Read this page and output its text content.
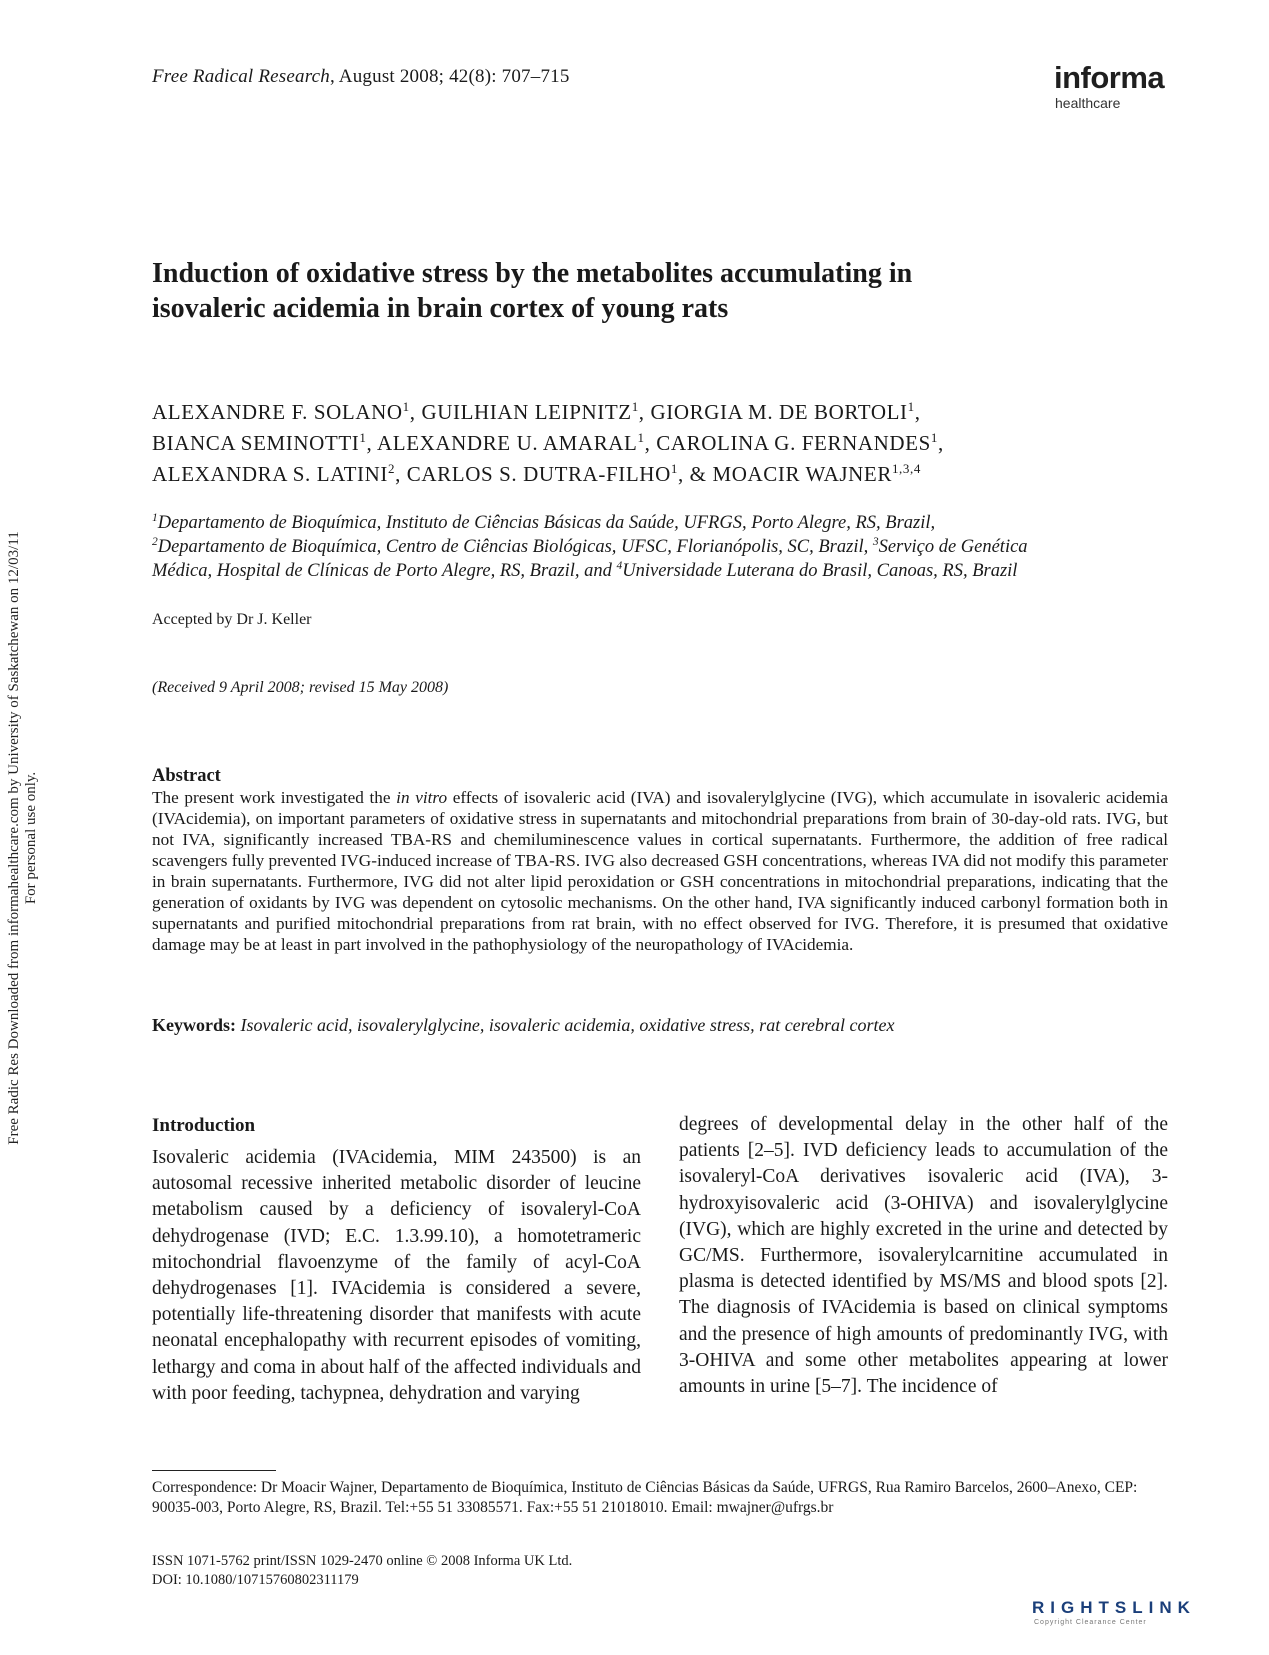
Free Radical Research, August 2008; 42(8): 707–715	informa
healthcare
Induction of oxidative stress by the metabolites accumulating in
isovaleric acidemia in brain cortex of young rats
ALEXANDRE F. SOLANO$^1$, GUILHIAN LEIPNITZ$^1$, GIORGIA M. DE BORTOLI$^1$,
BIANCA SEMINOTTI$^1$, ALEXANDRE U. AMARAL$^1$, CAROLINA G. FERNANDES$^1$,
ALEXANDRA S. LATINI$^2$, CARLOS S. DUTRA-FILHO$^1$, & MOACIR WAJNER$^{1,3,4}$
$^1$Departamento de Bioquímica, Instituto de Ciências Básicas da Saúde, UFRGS, Porto Alegre, RS, Brazil,
$^2$Departamento de Bioquímica, Centro de Ciências Biológicas, UFSC, Florianópolis, SC, Brazil, $^3$Serviço de Genética
Médica, Hospital de Clínicas de Porto Alegre, RS, Brazil, and $^4$Universidade Luterana do Brasil, Canoas, RS, Brazil
Accepted by Dr J. Keller
(Received 9 April 2008; revised 15 May 2008)
Abstract
The present work investigated the in vitro effects of isovaleric acid (IVA) and isovalerylglycine (IVG), which accumulate in isovaleric acidemia (IVAcidemia), on important parameters of oxidative stress in supernatants and mitochondrial preparations from brain of 30-day-old rats. IVG, but not IVA, significantly increased TBA-RS and chemiluminescence values in cortical supernatants. Furthermore, the addition of free radical scavengers fully prevented IVG-induced increase of TBA-RS. IVG also decreased GSH concentrations, whereas IVA did not modify this parameter in brain supernatants. Furthermore, IVG did not alter lipid peroxidation or GSH concentrations in mitochondrial preparations, indicating that the generation of oxidants by IVG was dependent on cytosolic mechanisms. On the other hand, IVA significantly induced carbonyl formation both in supernatants and purified mitochondrial preparations from rat brain, with no effect observed for IVG. Therefore, it is presumed that oxidative damage may be at least in part involved in the pathophysiology of the neuropathology of IVAcidemia.
Keywords: Isovaleric acid, isovalerylglycine, isovaleric acidemia, oxidative stress, rat cerebral cortex
Introduction
Isovaleric acidemia (IVAcidemia, MIM 243500) is an autosomal recessive inherited metabolic disorder of leucine metabolism caused by a deficiency of isovaleryl-CoA dehydrogenase (IVD; E.C. 1.3.99.10), a homotetrameric mitochondrial flavoenzyme of the family of acyl-CoA dehydrogenases [1]. IVAcidemia is considered a severe, potentially life-threatening disorder that manifests with acute neonatal encephalopathy with recurrent episodes of vomiting, lethargy and coma in about half of the affected individuals and with poor feeding, tachypnea, dehydration and varying
degrees of developmental delay in the other half of the patients [2–5]. IVD deficiency leads to accumulation of the isovaleryl-CoA derivatives isovaleric acid (IVA), 3-hydroxyisovaleric acid (3-OHIVA) and isovalerylglycine (IVG), which are highly excreted in the urine and detected by GC/MS. Furthermore, isovalerylcarnitine accumulated in plasma is detected identified by MS/MS and blood spots [2]. The diagnosis of IVAcidemia is based on clinical symptoms and the presence of high amounts of predominantly IVG, with 3-OHIVA and some other metabolites appearing at lower amounts in urine [5–7]. The incidence of
Correspondence: Dr Moacir Wajner, Departamento de Bioquímica, Instituto de Ciências Básicas da Saúde, UFRGS, Rua Ramiro Barcelos, 2600–Anexo, CEP: 90035-003, Porto Alegre, RS, Brazil. Tel:+55 51 33085571. Fax:+55 51 21018010. Email: mwajner@ufrgs.br
ISSN 1071-5762 print/ISSN 1029-2470 online © 2008 Informa UK Ltd.
DOI: 10.1080/10715760802311179
Free Radic Res Downloaded from informahealthcare.com by University of Saskatchewan on 12/03/11 For personal use only.
RIGHTSLINK
Copyright Clearance Center
